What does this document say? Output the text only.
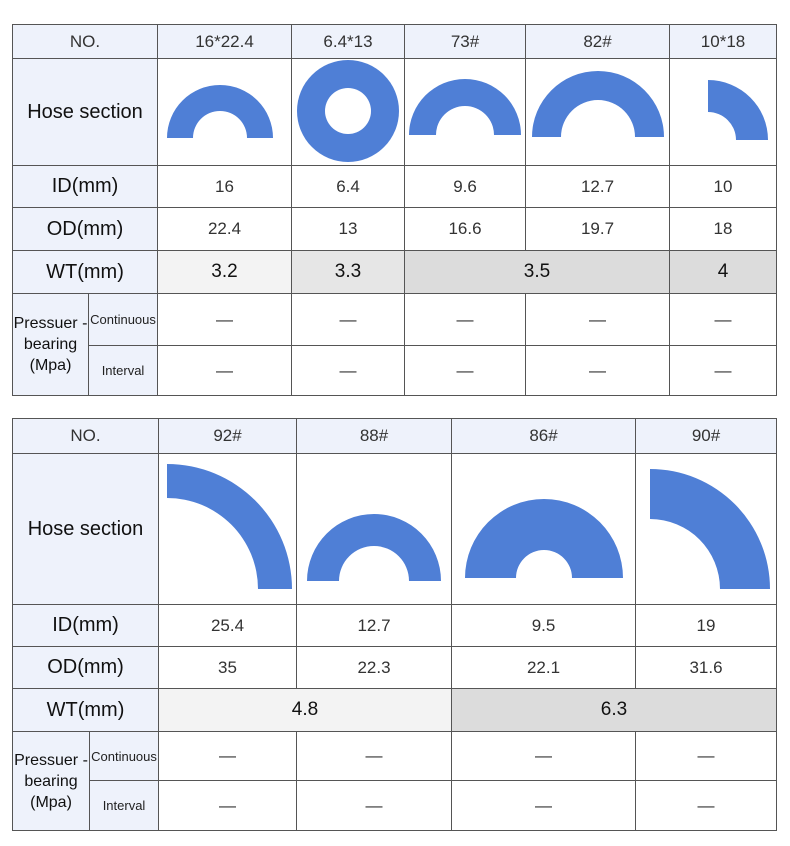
NO.		16*22.4	6.4*13	73#	82#	10*18
Hose section	

ID(mm)		16	6.4	9.6	12.7	10
OD(mm)		22.4	13	16.6	19.7	18
WT(mm)		3.2	3.3	3.5		4
Pressuer -bearing (Mpa)	Continuous	—	—	—	—	—
	Interval	—	—	—	—	—
NO.		92#	88#	86#	90#
Hose section	

ID(mm)		25.4	12.7	9.5	19
OD(mm)		35	22.3	22.1	31.6
WT(mm)		4.8		6.3	
Pressuer -bearing (Mpa)	Continuous	—	—	—	—
	Interval	—	—	—	—
